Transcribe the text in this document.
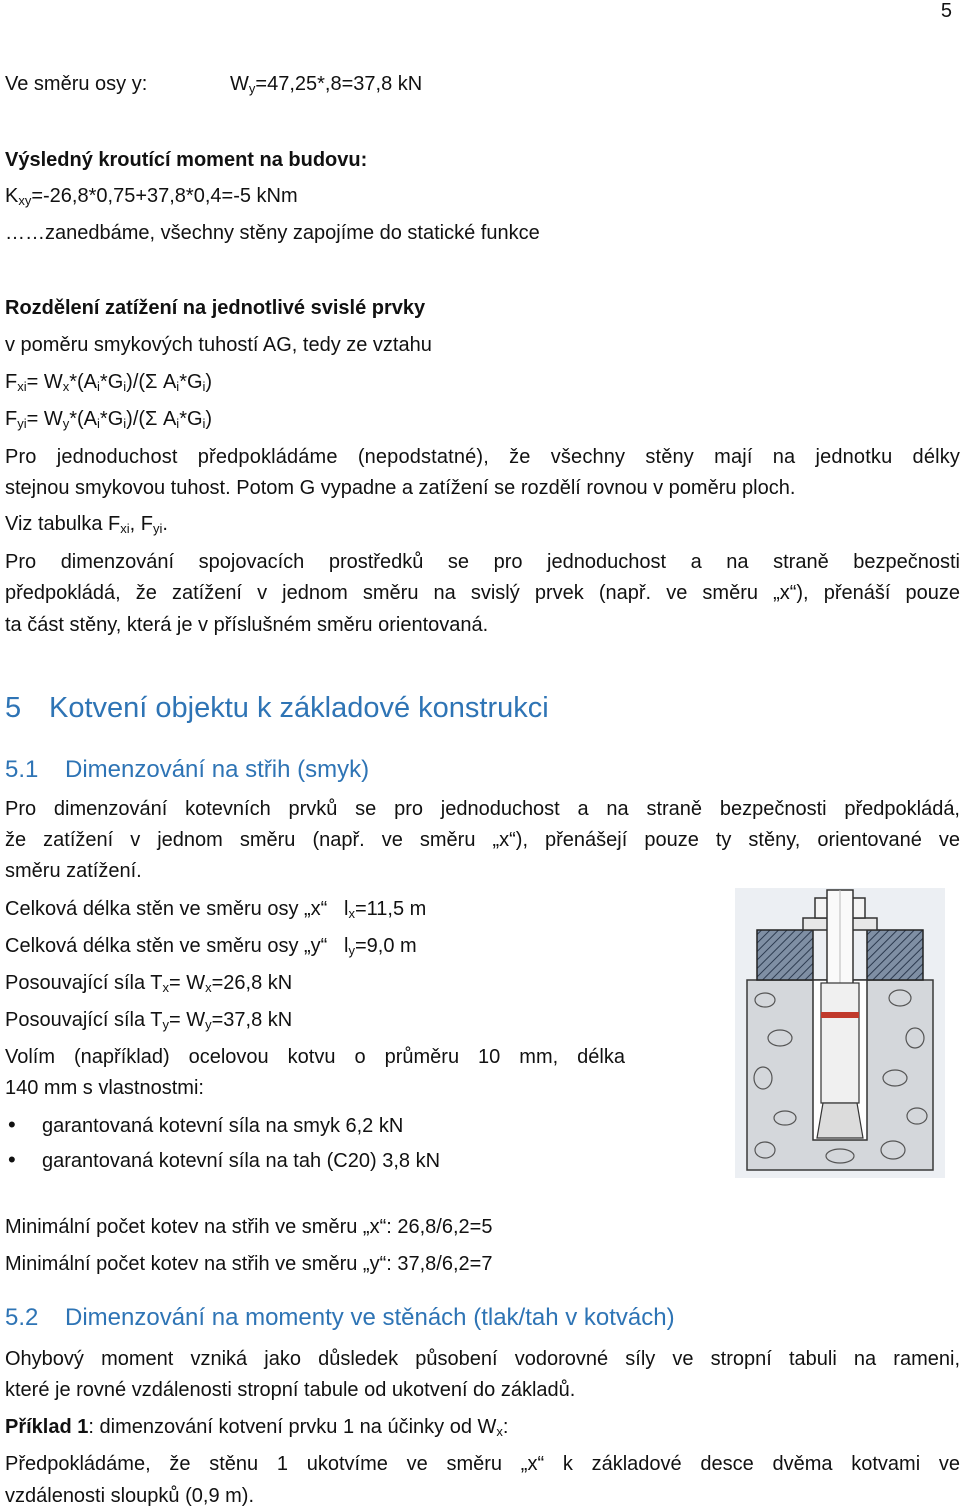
5
Ve směru osy y:	$W_y=47,25*,8=37,8$ kN
Výsledný kroutící moment na budovu:
$K_{xy}=-26,8*0,75+37,8*0,4=-5$ kNm
……zanedbáme, všechny stěny zapojíme do statické funkce
Rozdělení zatížení na jednotlivé svislé prvky
v poměru smykových tuhostí AG, tedy ze vztahu
$F_{xi}= W_x*(A_i*G_i)/(\Sigma$ $A_i*G_i$)
$F_{yi}= W_y*(A_i*G_i)/(\Sigma$ $A_i*G_i$)
Pro jednoduchost předpokládáme (nepodstatné), že všechny stěny mají na jednotku délky
stejnou smykovou tuhost. Potom G vypadne a zatížení se rozdělí rovnou v poměru ploch.
Viz tabulka $F_{xi}$, $F_{yi}$.
Pro dimenzování spojovacích prostředků se pro jednoduchost a na straně bezpečnosti
předpokládá, že zatížení v jednom směru na svislý prvek (např. ve směru „x“), přenáší pouze
ta část stěny, která je v příslušném směru orientovaná.
5 Kotvení objektu k základové konstrukci
5.1 Dimenzování na střih (smyk)
Pro dimenzování kotevních prvků se pro jednoduchost a na straně bezpečnosti předpokládá,
že zatížení v jednom směru (např. ve směru „x“), přenášejí pouze ty stěny, orientované ve
směru zatížení.
Celková délka stěn ve směru osy „x“   $l_x=11,5$ m
Celková délka stěn ve směru osy „y“   $l_y=9,0$ m
Posouvající síla $T_x= W_x=26,8$ kN
Posouvající síla $T_y= W_y=37,8$ kN
Volím (například) ocelovou kotvu o průměru 10 mm, délka
140 mm s vlastnostmi:
• garantovaná kotevní síla na smyk 6,2 kN
• garantovaná kotevní síla na tah (C20) 3,8 kN
Minimální počet kotev na střih ve směru „x“: 26,8/6,2=5
Minimální počet kotev na střih ve směru „y“: 37,8/6,2=7
5.2 Dimenzování na momenty ve stěnách (tlak/tah v kotvách)
Ohybový moment vzniká jako důsledek působení vodorovné síly ve stropní tabuli na rameni,
které je rovné vzdálenosti stropní tabule od ukotvení do základů.
Příklad 1: dimenzování kotvení prvku 1 na účinky od $W_x$:
Předpokládáme, že stěnu 1 ukotvíme ve směru „x“ k základové desce dvěma kotvami ve
vzdálenosti sloupků (0,9 m).
